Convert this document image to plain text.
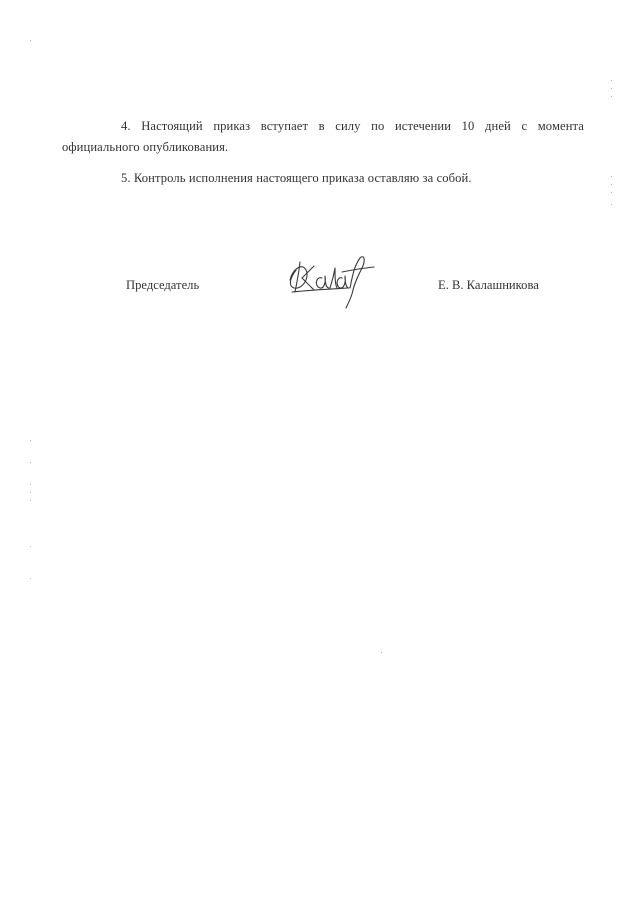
4. Настоящий приказ вступает в силу по истечении 10 дней с момента официального опубликования.

5. Контроль исполнения настоящего приказа оставляю за собой.

Председатель	Е. В. Калашникова
